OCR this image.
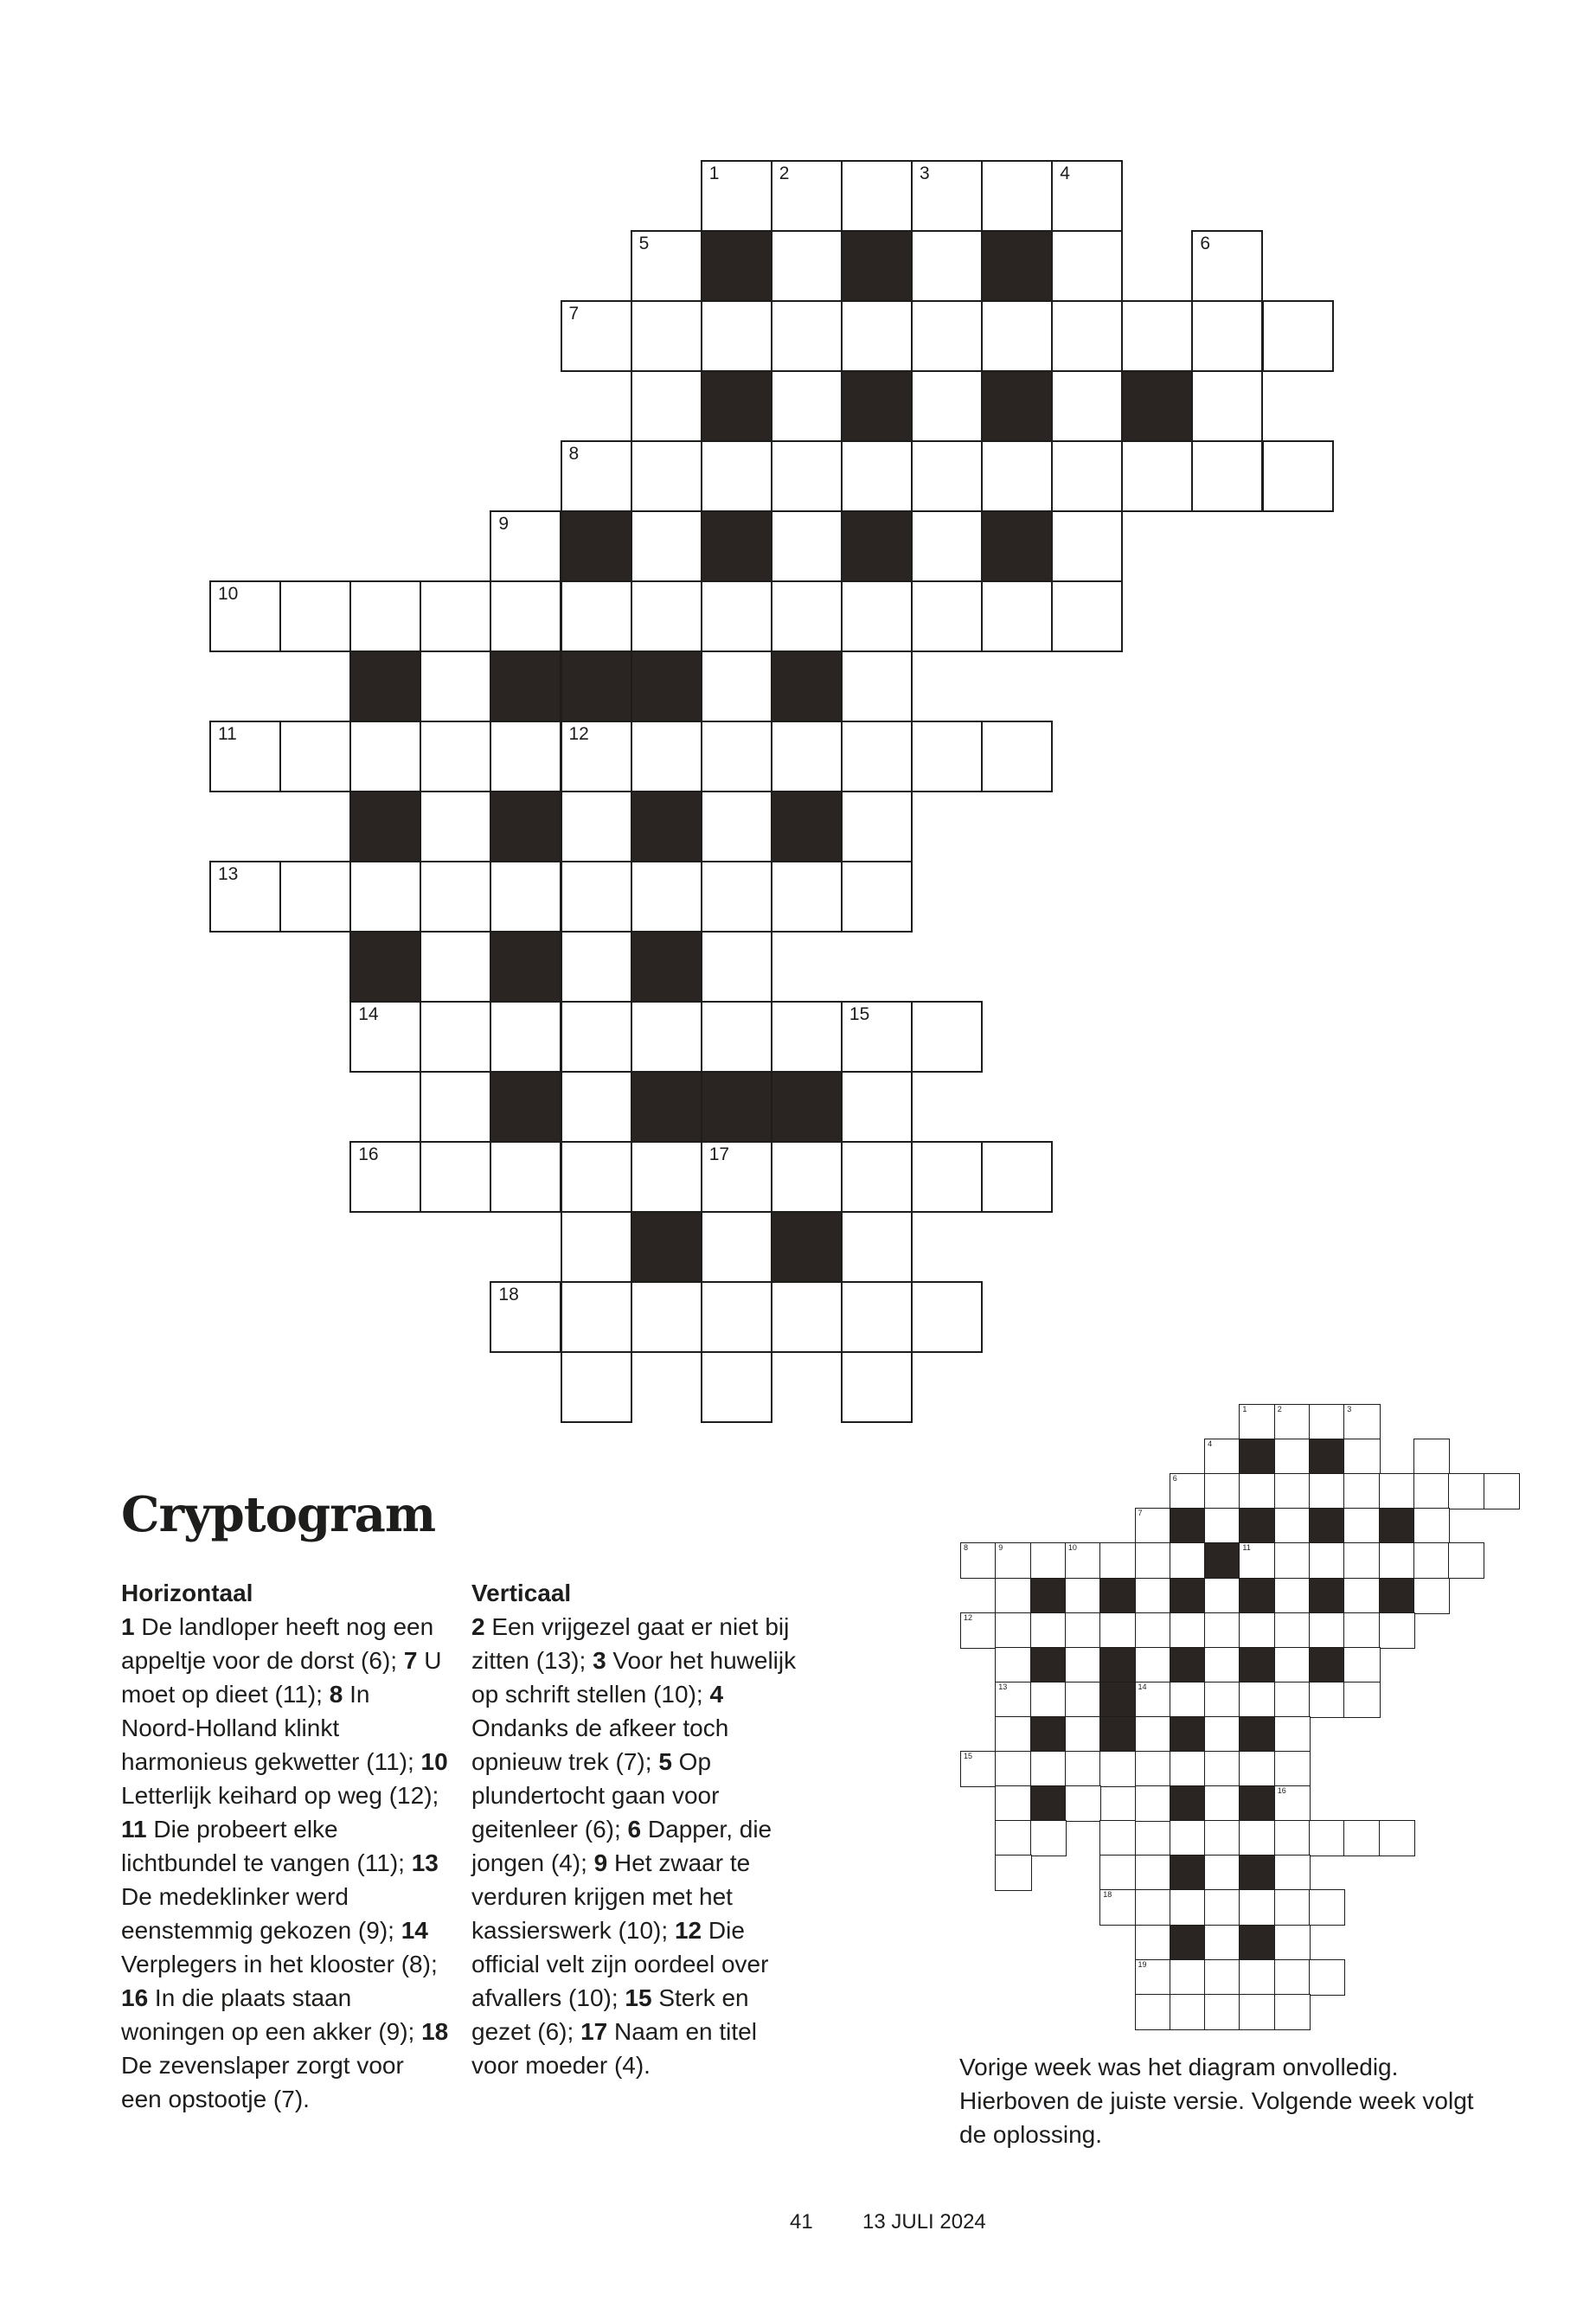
1	2	3	4
5	6
7
8
9
10
11	12
13
14	15
16	17
18
1	2	3
4
6
7
8	9	10	11
12
13	14
15
16
18
19
Cryptogram
Horizontaal

1 De landloper heeft nog een appeltje voor de dorst (6); 7 U moet op dieet (11); 8 In Noord-Holland klinkt harmonieus gekwetter (11); 10 Letterlijk keihard op weg (12); 11 Die probeert elke lichtbundel te vangen (11); 13 De medeklinker werd eenstemmig gekozen (9); 14 Verplegers in het klooster (8); 16 In die plaats staan woningen op een akker (9); 18 De zevenslaper zorgt voor een opstootje (7).

Verticaal

2 Een vrijgezel gaat er niet bij zitten (13); 3 Voor het huwelijk op schrift stellen (10); 4 Ondanks de afkeer toch opnieuw trek (7); 5 Op plundertocht gaan voor geitenleer (6); 6 Dapper, die jongen (4); 9 Het zwaar te verduren krijgen met het kassierswerk (10); 12 Die official velt zijn oordeel over afvallers (10); 15 Sterk en gezet (6); 17 Naam en titel voor moeder (4).	Vorige week was het diagram onvolledig. Hierboven de juiste versie. Volgende week volgt de oplossing.

41 13 JULI 2024
